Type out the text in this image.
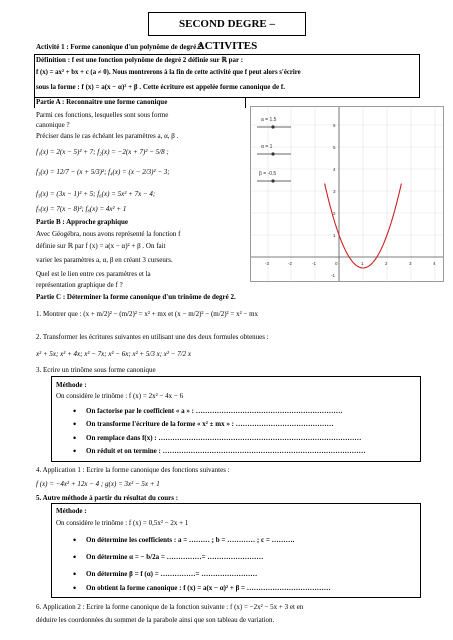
SECOND DEGRE – ACTIVITES
Activité 1 : Forme canonique d'un polynôme de degré 2.
Définition : f est une fonction polynôme de degré 2 définie sur ℝ par :
f (x) = ax² + bx + c (a ≠ 0). Nous montrerons à la fin de cette activité que f peut alors s'écrire
sous la forme : f (x) = a(x − α)² + β . Cette écriture est appelée forme canonique de f.
Partie A : Reconnaitre une forme canonique
Parmi ces fonctions, lesquelles sont sous forme
canonique ?
Préciser dans le cas échéant les paramètres a, α, β .
f₁(x) = 2(x − 5)² + 7; f₂(x) = −2(x + 7)² − 5/8 ;
f₃(x) = 12/7 − (x + 5/3)²; f₄(x) = (x − 2/3)² − 3;
f₅(x) = (3x − 1)² + 5; f₆(x) = 5x² + 7x − 4;
f₇(x) = 7(x − 8)²; f₈(x) = 4x² + 1
Partie B : Approche graphique
Avec Géogébra, nous avons représenté la fonction f
définie sur ℝ par f (x) = a(x − α)² + β . On fait
varier les paramètres a, α, β en créant 3 curseurs.
Quel est le lien entre ces paramètres et la
représentation graphique de f ?
-3	-2	-1	0	1	2	3	4
6
5
4
3
2
1
-1
a = 1.5
α = 1
β = -0.5
Partie C : Déterminer la forme canonique d'un trinôme de degré 2.
1. Montrer que : (x + m/2)² − (m/2)² = x² + mx et (x − m/2)² − (m/2)² = x² − mx
2. Transformer les écritures suivantes en utilisant une des deux formules obtenues :
x² + 5x; x² + 4x; x² − 7x; x² − 6x; x² + 5/3 x; x² − 7/2 x
3. Ecrire un trinôme sous forme canonique
Méthode :
On considère le trinôme : f (x) = 2x² − 4x − 6
• On factorise par le coefficient « a » : ………………………………………………………
• On transforme l'écriture de la forme « x² ± mx » : ……………………………………
• On remplace dans f(x) : ……………………………………………………………………………
• On réduit et on termine : ……………………………………………………………………………
4. Application 1 : Ecrire la forme canonique des fonctions suivantes :
f (x) = −4x² + 12x − 4 ; g(x) = 3x² − 5x + 1
5. Autre méthode à partir du résultat du cours :
Méthode :
On considère le trinôme : f (x) = 0,5x² − 2x + 1
• On détermine les coefficients : a = ……… ; b = ………… ; c = ……….
• On détermine α = − b/2a = ……………= ……………………
• On détermine β = f (α) = ……………= ……………………
• On obtient la forme canonique : f (x) = a(x − α)² + β = ………………………………
6. Application 2 : Ecrire la forme canonique de la fonction suivante : f (x) = −2x² − 5x + 3 et en
déduire les coordonnées du sommet de la parabole ainsi que son tableau de variation.
